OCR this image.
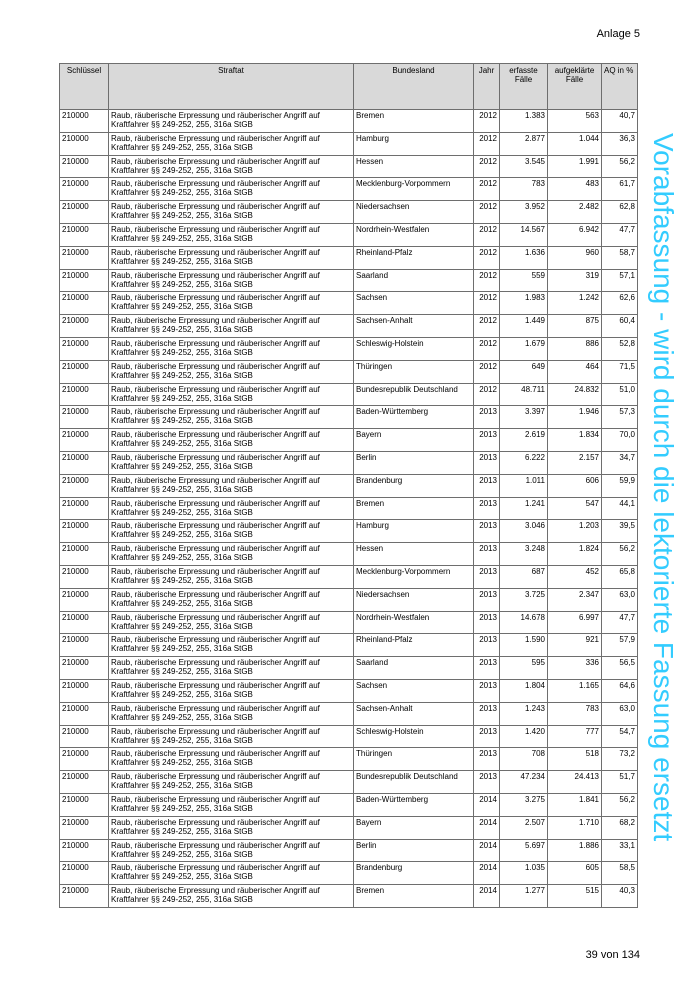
Anlage 5
Schlüssel	Straftat	Bundesland	Jahr	erfasste Fälle	aufgeklärte Fälle	AQ in %
210000	Raub, räuberische Erpressung und räuberischer Angriff auf Kraftfahrer §§ 249-252, 255, 316a StGB	Bremen	2012	1.383	563	40,7
210000	Raub, räuberische Erpressung und räuberischer Angriff auf Kraftfahrer §§ 249-252, 255, 316a StGB	Hamburg	2012	2.877	1.044	36,3
210000	Raub, räuberische Erpressung und räuberischer Angriff auf Kraftfahrer §§ 249-252, 255, 316a StGB	Hessen	2012	3.545	1.991	56,2
210000	Raub, räuberische Erpressung und räuberischer Angriff auf Kraftfahrer §§ 249-252, 255, 316a StGB	Mecklenburg-Vorpommern	2012	783	483	61,7
210000	Raub, räuberische Erpressung und räuberischer Angriff auf Kraftfahrer §§ 249-252, 255, 316a StGB	Niedersachsen	2012	3.952	2.482	62,8
210000	Raub, räuberische Erpressung und räuberischer Angriff auf Kraftfahrer §§ 249-252, 255, 316a StGB	Nordrhein-Westfalen	2012	14.567	6.942	47,7
210000	Raub, räuberische Erpressung und räuberischer Angriff auf Kraftfahrer §§ 249-252, 255, 316a StGB	Rheinland-Pfalz	2012	1.636	960	58,7
210000	Raub, räuberische Erpressung und räuberischer Angriff auf Kraftfahrer §§ 249-252, 255, 316a StGB	Saarland	2012	559	319	57,1
210000	Raub, räuberische Erpressung und räuberischer Angriff auf Kraftfahrer §§ 249-252, 255, 316a StGB	Sachsen	2012	1.983	1.242	62,6
210000	Raub, räuberische Erpressung und räuberischer Angriff auf Kraftfahrer §§ 249-252, 255, 316a StGB	Sachsen-Anhalt	2012	1.449	875	60,4
210000	Raub, räuberische Erpressung und räuberischer Angriff auf Kraftfahrer §§ 249-252, 255, 316a StGB	Schleswig-Holstein	2012	1.679	886	52,8
210000	Raub, räuberische Erpressung und räuberischer Angriff auf Kraftfahrer §§ 249-252, 255, 316a StGB	Thüringen	2012	649	464	71,5
210000	Raub, räuberische Erpressung und räuberischer Angriff auf Kraftfahrer §§ 249-252, 255, 316a StGB	Bundesrepublik Deutschland	2012	48.711	24.832	51,0
210000	Raub, räuberische Erpressung und räuberischer Angriff auf Kraftfahrer §§ 249-252, 255, 316a StGB	Baden-Württemberg	2013	3.397	1.946	57,3
210000	Raub, räuberische Erpressung und räuberischer Angriff auf Kraftfahrer §§ 249-252, 255, 316a StGB	Bayern	2013	2.619	1.834	70,0
210000	Raub, räuberische Erpressung und räuberischer Angriff auf Kraftfahrer §§ 249-252, 255, 316a StGB	Berlin	2013	6.222	2.157	34,7
210000	Raub, räuberische Erpressung und räuberischer Angriff auf Kraftfahrer §§ 249-252, 255, 316a StGB	Brandenburg	2013	1.011	606	59,9
210000	Raub, räuberische Erpressung und räuberischer Angriff auf Kraftfahrer §§ 249-252, 255, 316a StGB	Bremen	2013	1.241	547	44,1
210000	Raub, räuberische Erpressung und räuberischer Angriff auf Kraftfahrer §§ 249-252, 255, 316a StGB	Hamburg	2013	3.046	1.203	39,5
210000	Raub, räuberische Erpressung und räuberischer Angriff auf Kraftfahrer §§ 249-252, 255, 316a StGB	Hessen	2013	3.248	1.824	56,2
210000	Raub, räuberische Erpressung und räuberischer Angriff auf Kraftfahrer §§ 249-252, 255, 316a StGB	Mecklenburg-Vorpommern	2013	687	452	65,8
210000	Raub, räuberische Erpressung und räuberischer Angriff auf Kraftfahrer §§ 249-252, 255, 316a StGB	Niedersachsen	2013	3.725	2.347	63,0
210000	Raub, räuberische Erpressung und räuberischer Angriff auf Kraftfahrer §§ 249-252, 255, 316a StGB	Nordrhein-Westfalen	2013	14.678	6.997	47,7
210000	Raub, räuberische Erpressung und räuberischer Angriff auf Kraftfahrer §§ 249-252, 255, 316a StGB	Rheinland-Pfalz	2013	1.590	921	57,9
210000	Raub, räuberische Erpressung und räuberischer Angriff auf Kraftfahrer §§ 249-252, 255, 316a StGB	Saarland	2013	595	336	56,5
210000	Raub, räuberische Erpressung und räuberischer Angriff auf Kraftfahrer §§ 249-252, 255, 316a StGB	Sachsen	2013	1.804	1.165	64,6
210000	Raub, räuberische Erpressung und räuberischer Angriff auf Kraftfahrer §§ 249-252, 255, 316a StGB	Sachsen-Anhalt	2013	1.243	783	63,0
210000	Raub, räuberische Erpressung und räuberischer Angriff auf Kraftfahrer §§ 249-252, 255, 316a StGB	Schleswig-Holstein	2013	1.420	777	54,7
210000	Raub, räuberische Erpressung und räuberischer Angriff auf Kraftfahrer §§ 249-252, 255, 316a StGB	Thüringen	2013	708	518	73,2
210000	Raub, räuberische Erpressung und räuberischer Angriff auf Kraftfahrer §§ 249-252, 255, 316a StGB	Bundesrepublik Deutschland	2013	47.234	24.413	51,7
210000	Raub, räuberische Erpressung und räuberischer Angriff auf Kraftfahrer §§ 249-252, 255, 316a StGB	Baden-Württemberg	2014	3.275	1.841	56,2
210000	Raub, räuberische Erpressung und räuberischer Angriff auf Kraftfahrer §§ 249-252, 255, 316a StGB	Bayern	2014	2.507	1.710	68,2
210000	Raub, räuberische Erpressung und räuberischer Angriff auf Kraftfahrer §§ 249-252, 255, 316a StGB	Berlin	2014	5.697	1.886	33,1
210000	Raub, räuberische Erpressung und räuberischer Angriff auf Kraftfahrer §§ 249-252, 255, 316a StGB	Brandenburg	2014	1.035	605	58,5
210000	Raub, räuberische Erpressung und räuberischer Angriff auf Kraftfahrer §§ 249-252, 255, 316a StGB	Bremen	2014	1.277	515	40,3
Vorabfassung - wird durch die lektorierte Fassung ersetzt
39 von 134
